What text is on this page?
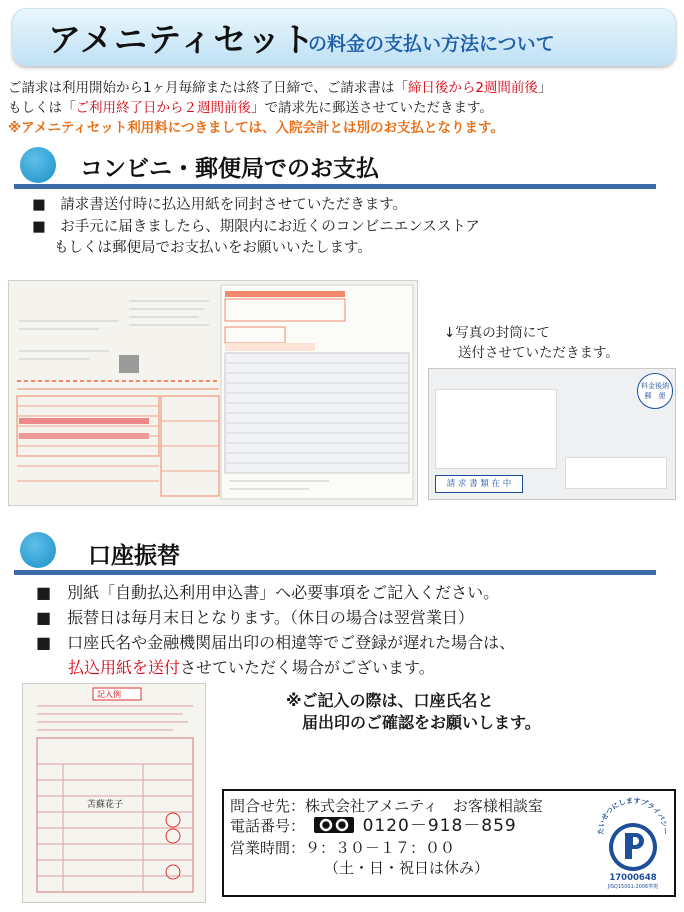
アメニティセット
の料金の支払い方法について
ご請求は利用開始から1ヶ月毎締または終了日締で、ご請求書は「締日後から2週間前後」
もしくは「ご利用終了日から２週間前後」で請求先に郵送させていただきます。
※アメニティセット利用料につきましては、入院会計とは別のお支払となります。
コンビニ・郵便局でのお支払
■　請求書送付時に払込用紙を同封させていただきます。
■　お手元に届きましたら、期限内にお近くのコンビニエンスストア
もしくは郵便局でお支払いをお願いいたします。
↓写真の封筒にて
送付させていただきます。
料金後納
郵　便
請 求 書 類 在 中
口座振替
■　別紙「自動払込利用申込書」へ必要事項をご記入ください。
■　振替日は毎月末日となります。（休日の場合は翌営業日）
■　口座氏名や金融機関届出印の相違等でご登録が遅れた場合は、
払込用紙を送付させていただく場合がございます。
記入例
苫蘇花子
※ご記入の際は、口座氏名と
届出印のご確認をお願いします。
問合せ先：株式会社アメニティ　お客様相談室
電話番号：	0120－918－859
営業時間：９：３０－１７：００
（土・日・祝日は休み）
たいせつにしますプライバシー
17000648
JISQ15001:2006準拠
